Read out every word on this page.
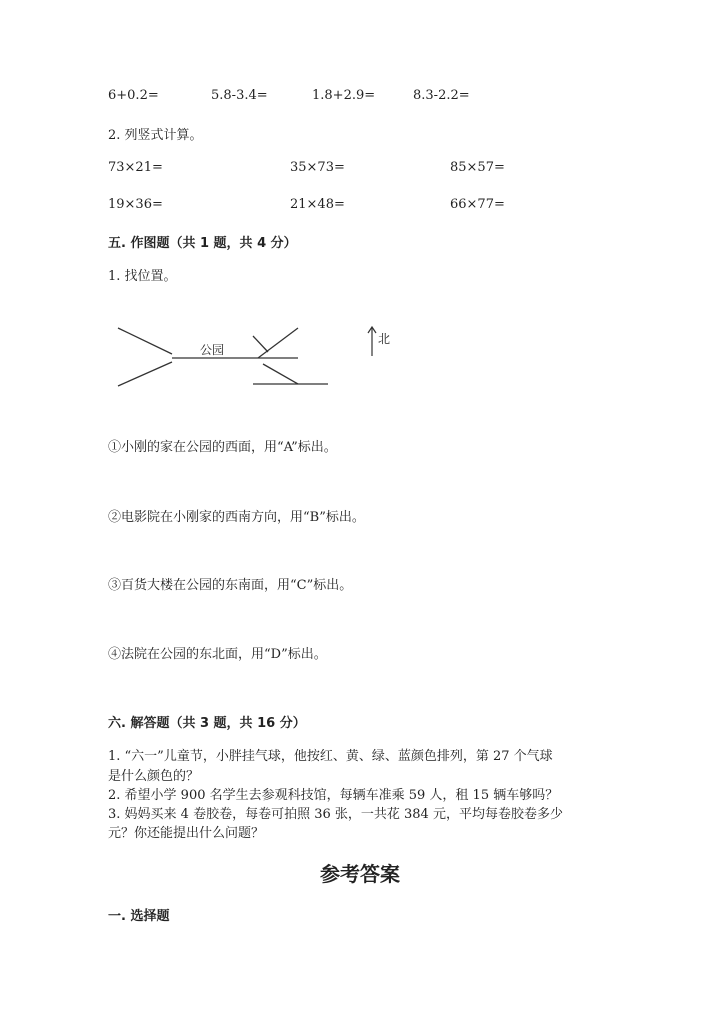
6+0.2=	5.8-3.4=	1.8+2.9=	8.3-2.2=
2. 列竖式计算。
73×21=	35×73=	85×57=
19×36=	21×48=	66×77=
五. 作图题（共 1 题，共 4 分）
1. 找位置。
公园
北
①小刚的家在公园的西面，用“A”标出。
②电影院在小刚家的西南方向，用“B”标出。
③百货大楼在公园的东南面，用“C”标出。
④法院在公园的东北面，用“D”标出。
六. 解答题（共 3 题，共 16 分）
1. “六一”儿童节，小胖挂气球，他按红、黄、绿、蓝颜色排列，第 27 个气球
是什么颜色的？
2. 希望小学 900 名学生去参观科技馆，每辆车准乘 59 人，租 15 辆车够吗？
3. 妈妈买来 4 卷胶卷，每卷可拍照 36 张，一共花 384 元，平均每卷胶卷多少
元？你还能提出什么问题？
参考答案
一. 选择题
